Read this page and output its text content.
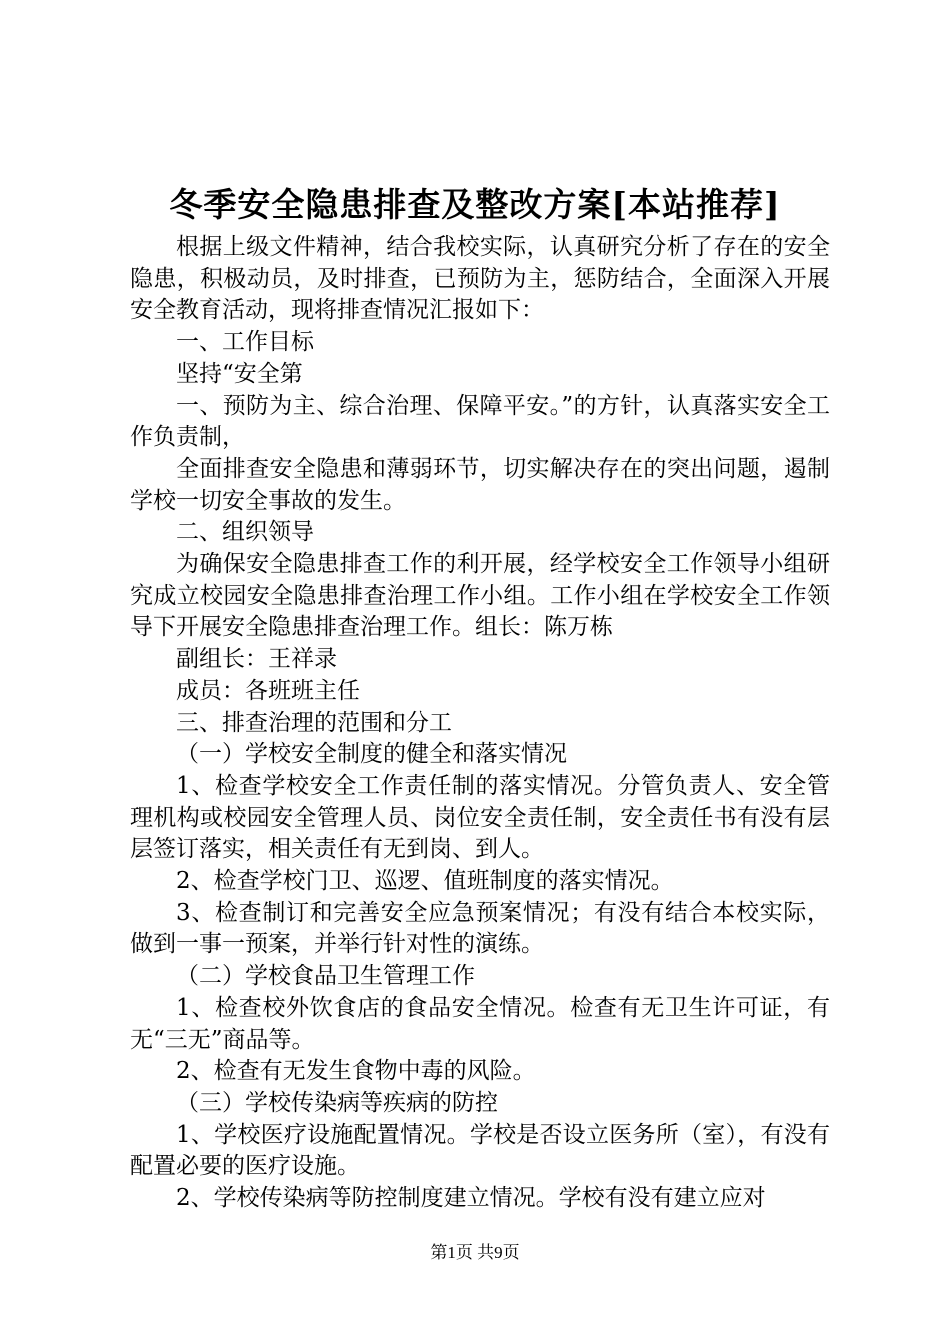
冬季安全隐患排查及整改方案[本站推荐]

根据上级文件精神，结合我校实际，认真研究分析了存在的安全隐患，积极动员，及时排查，已预防为主，惩防结合，全面深入开展安全教育活动，现将排查情况汇报如下：

一、工作目标

坚持“安全第

一、预防为主、综合治理、保障平安。”的方针，认真落实安全工作负责制，

全面排查安全隐患和薄弱环节，切实解决存在的突出问题，遏制学校一切安全事故的发生。

二、组织领导

为确保安全隐患排查工作的利开展，经学校安全工作领导小组研究成立校园安全隐患排查治理工作小组。工作小组在学校安全工作领导下开展安全隐患排查治理工作。组长：陈万栋

副组长：王祥录

成员：各班班主任

三、排查治理的范围和分工

（一）学校安全制度的健全和落实情况

1、检查学校安全工作责任制的落实情况。分管负责人、安全管理机构或校园安全管理人员、岗位安全责任制，安全责任书有没有层层签订落实，相关责任有无到岗、到人。

2、检查学校门卫、巡逻、值班制度的落实情况。

3、检查制订和完善安全应急预案情况；有没有结合本校实际，做到一事一预案，并举行针对性的演练。

（二）学校食品卫生管理工作

1、检查校外饮食店的食品安全情况。检查有无卫生许可证，有无“三无”商品等。

2、检查有无发生食物中毒的风险。

（三）学校传染病等疾病的防控

1、学校医疗设施配置情况。学校是否设立医务所（室），有没有配置必要的医疗设施。

2、学校传染病等防控制度建立情况。学校有没有建立应对

第1页 共9页
